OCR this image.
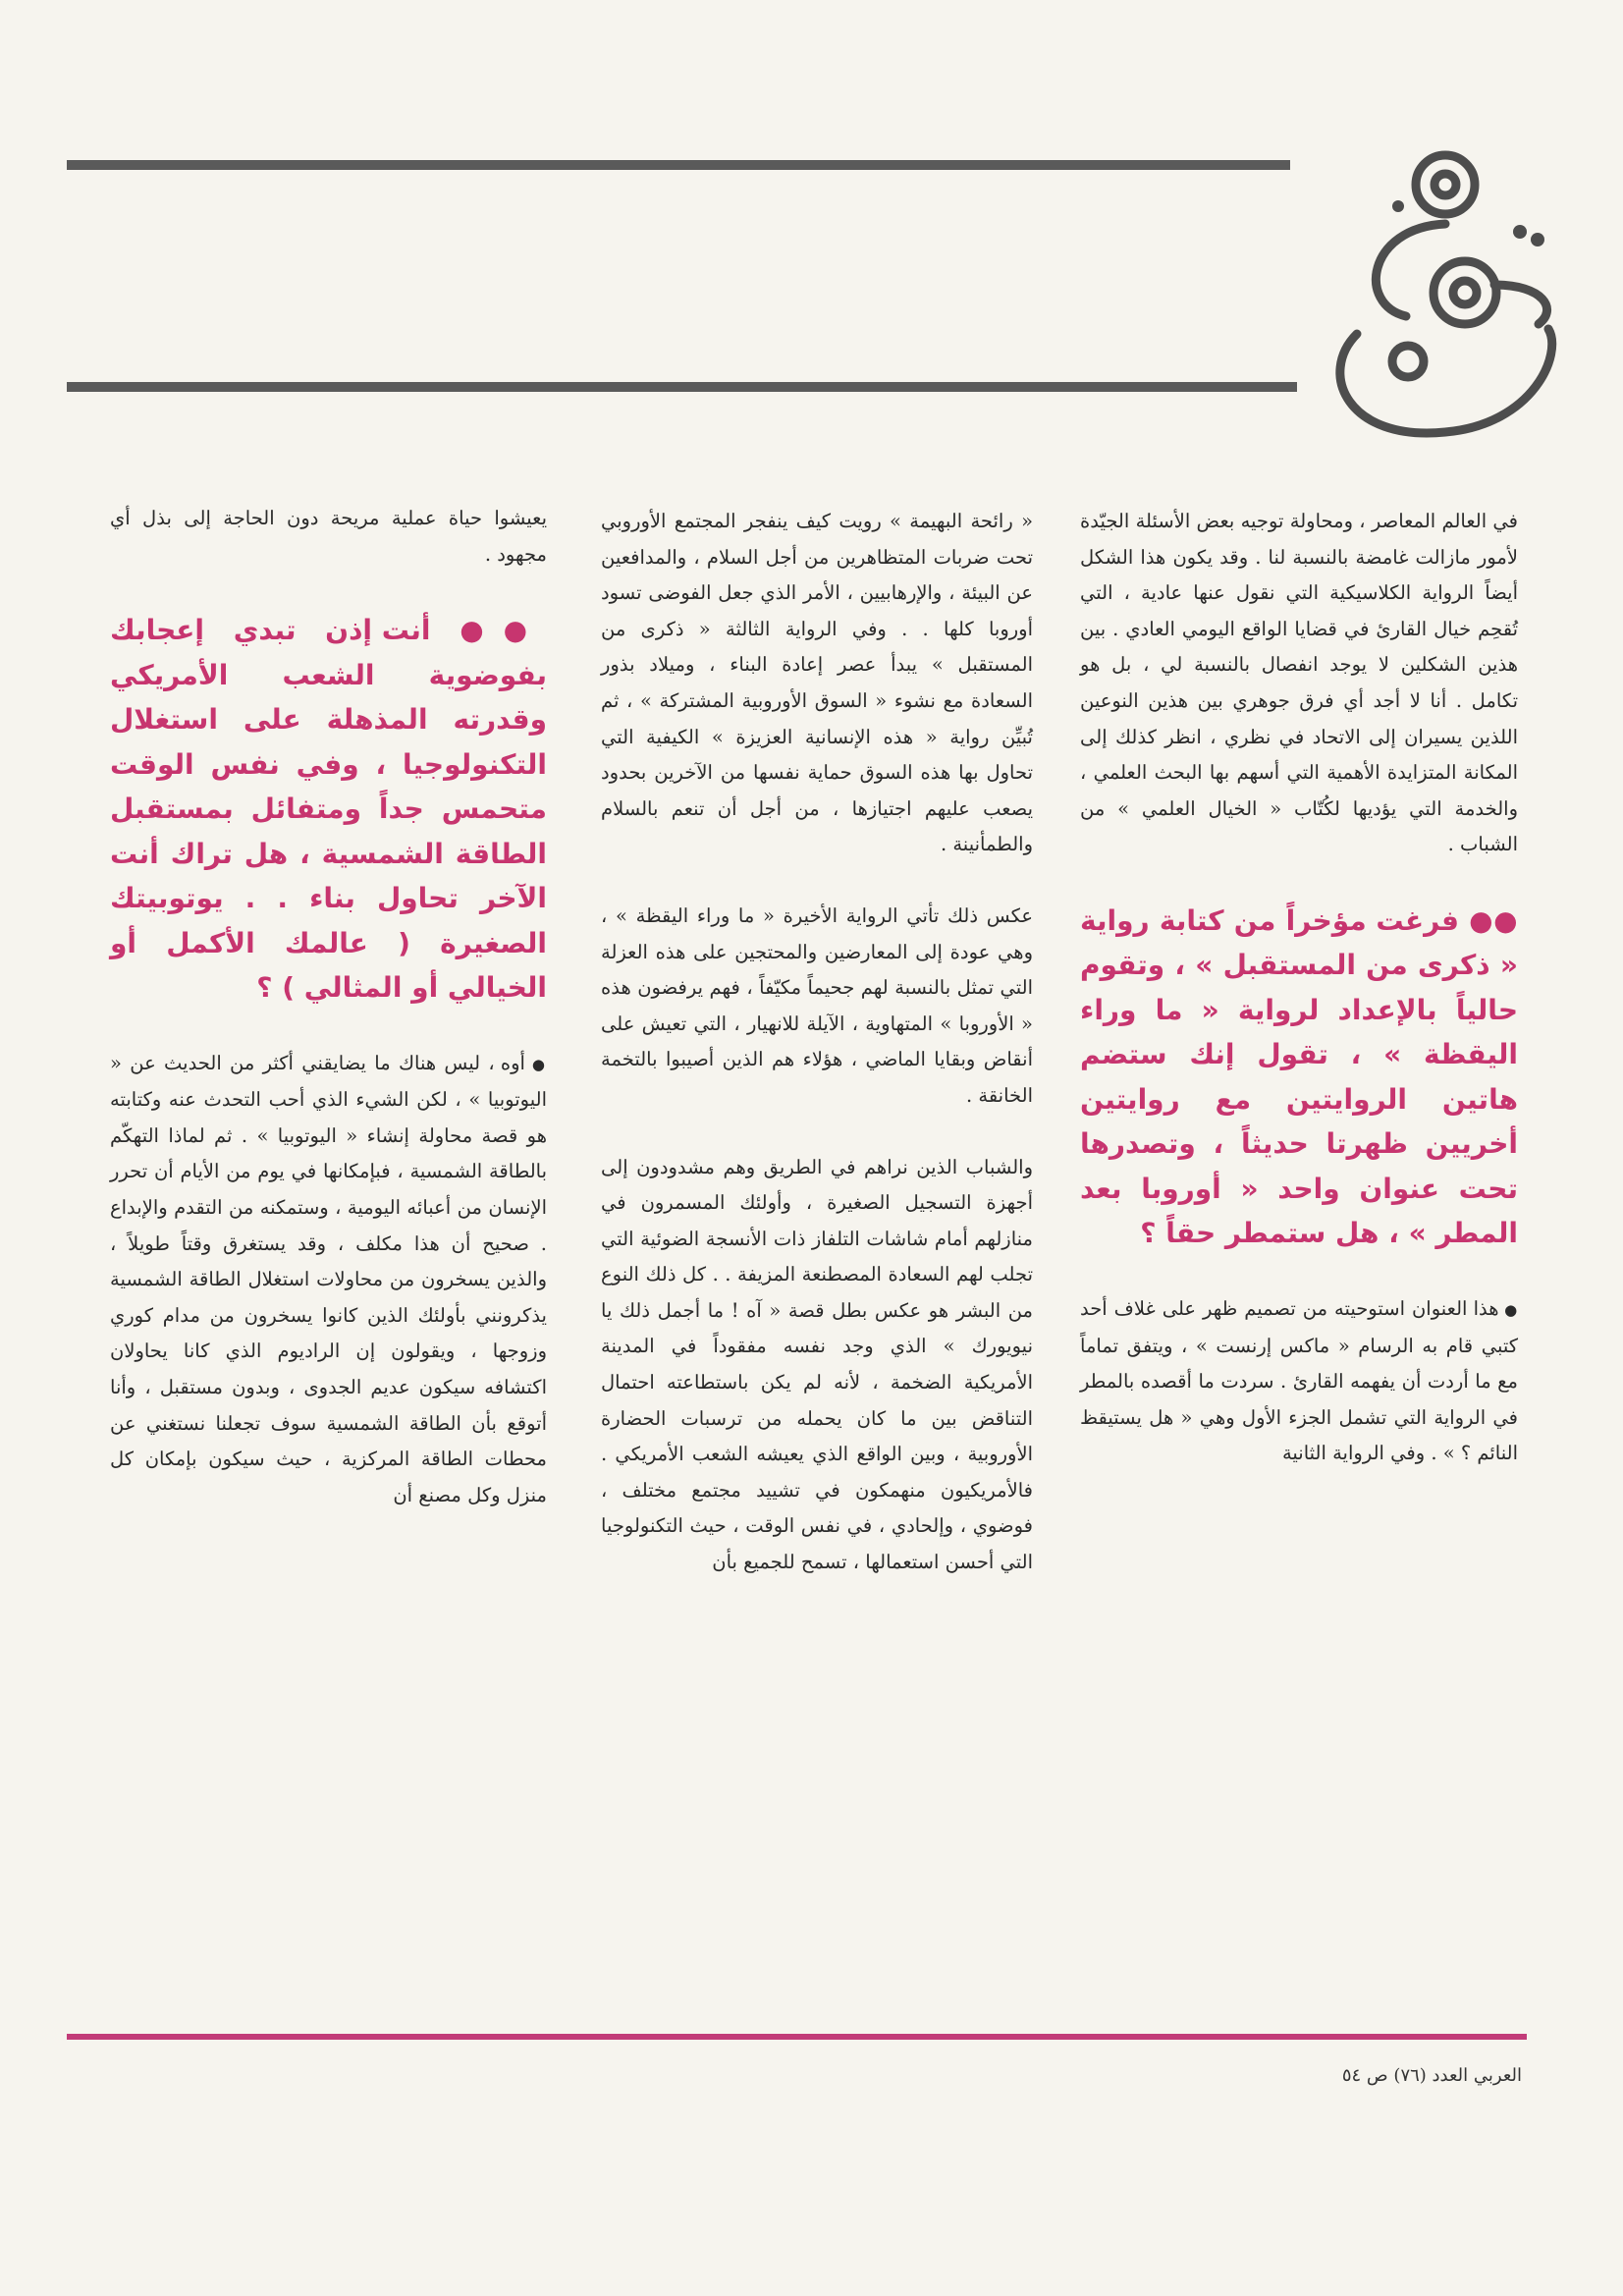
في العالم المعاصر ، ومحاولة توجيه بعض الأسئلة الجيّدة لأمور مازالت غامضة بالنسبة لنا . وقد يكون هذا الشكل أيضاً الرواية الكلاسيكية التي نقول عنها عادية ، التي تُقحِم خيال القارئ في قضايا الواقع اليومي العادي . بين هذين الشكلين لا يوجد انفصال بالنسبة لي ، بل هو تكامل . أنا لا أجد أي فرق جوهري بين هذين النوعين اللذين يسيران إلى الاتحاد في نظري ، انظر كذلك إلى المكانة المتزايدة الأهمية التي أسهم بها البحث العلمي ، والخدمة التي يؤديها لكُتّاب « الخيال العلمي » من الشباب .

●● فرغت مؤخراً من كتابة رواية « ذكرى من المستقبل » ، وتقوم حالياً بالإعداد لرواية « ما وراء اليقظة » ، تقول إنك ستضم هاتين الروايتين مع روايتين أخريين ظهرتا حديثاً ، وتصدرها تحت عنوان واحد « أوروبا بعد المطر » ، هل ستمطر حقاً ؟

● هذا العنوان استوحيته من تصميم ظهر على غلاف أحد كتبي قام به الرسام « ماكس إرنست » ، ويتفق تماماً مع ما أردت أن يفهمه القارئ . سردت ما أقصده بالمطر في الرواية التي تشمل الجزء الأول وهي « هل يستيقظ النائم ؟ » . وفي الرواية الثانية

« رائحة البهيمة » رويت كيف ينفجر المجتمع الأوروبي تحت ضربات المتظاهرين من أجل السلام ، والمدافعين عن البيئة ، والإرهابيين ، الأمر الذي جعل الفوضى تسود أوروبا كلها . . وفي الرواية الثالثة « ذكرى من المستقبل » يبدأ عصر إعادة البناء ، وميلاد بذور السعادة مع نشوء « السوق الأوروبية المشتركة » ، ثم تُبيِّن رواية « هذه الإنسانية العزيزة » الكيفية التي تحاول بها هذه السوق حماية نفسها من الآخرين بحدود يصعب عليهم اجتيازها ، من أجل أن تنعم بالسلام والطمأنينة .

عكس ذلك تأتي الرواية الأخيرة « ما وراء اليقظة » ، وهي عودة إلى المعارضين والمحتجين على هذه العزلة التي تمثل بالنسبة لهم جحيماً مكيّفاً ، فهم يرفضون هذه « الأوروبا » المتهاوية ، الآيلة للانهيار ، التي تعيش على أنقاض وبقايا الماضي ، هؤلاء هم الذين أصيبوا بالتخمة الخانقة .

والشباب الذين نراهم في الطريق وهم مشدودون إلى أجهزة التسجيل الصغيرة ، وأولئك المسمرون في منازلهم أمام شاشات التلفاز ذات الأنسجة الضوئية التي تجلب لهم السعادة المصطنعة المزيفة . . كل ذلك النوع من البشر هو عكس بطل قصة « آه ! ما أجمل ذلك يا نيويورك » الذي وجد نفسه مفقوداً في المدينة الأمريكية الضخمة ، لأنه لم يكن باستطاعته احتمال التناقض بين ما كان يحمله من ترسبات الحضارة الأوروبية ، وبين الواقع الذي يعيشه الشعب الأمريكي . فالأمريكيون منهمكون في تشييد مجتمع مختلف ، فوضوي ، وإلحادي ، في نفس الوقت ، حيث التكنولوجيا التي أحسن استعمالها ، تسمح للجميع بأن

يعيشوا حياة عملية مريحة دون الحاجة إلى بذل أي مجهود .

●● أنت إذن تبدي إعجابك بفوضوية الشعب الأمريكي وقدرته المذهلة على استغلال التكنولوجيا ، وفي نفس الوقت متحمس جداً ومتفائل بمستقبل الطاقة الشمسية ، هل تراك أنت الآخر تحاول بناء . . يوتوبيتك الصغيرة ( عالمك الأكمل أو الخيالي أو المثالي ) ؟

● أوه ، ليس هناك ما يضايقني أكثر من الحديث عن « اليوتوبيا » ، لكن الشيء الذي أحب التحدث عنه وكتابته هو قصة محاولة إنشاء « اليوتوبيا » . ثم لماذا التهكّم بالطاقة الشمسية ، فبإمكانها في يوم من الأيام أن تحرر الإنسان من أعبائه اليومية ، وستمكنه من التقدم والإبداع . صحيح أن هذا مكلف ، وقد يستغرق وقتاً طويلاً ، والذين يسخرون من محاولات استغلال الطاقة الشمسية يذكرونني بأولئك الذين كانوا يسخرون من مدام كوري وزوجها ، ويقولون إن الراديوم الذي كانا يحاولان اكتشافه سيكون عديم الجدوى ، وبدون مستقبل ، وأنا أتوقع بأن الطاقة الشمسية سوف تجعلنا نستغني عن محطات الطاقة المركزية ، حيث سيكون بإمكان كل منزل وكل مصنع أن

العربي العدد (٧٦) ص ٥٤
